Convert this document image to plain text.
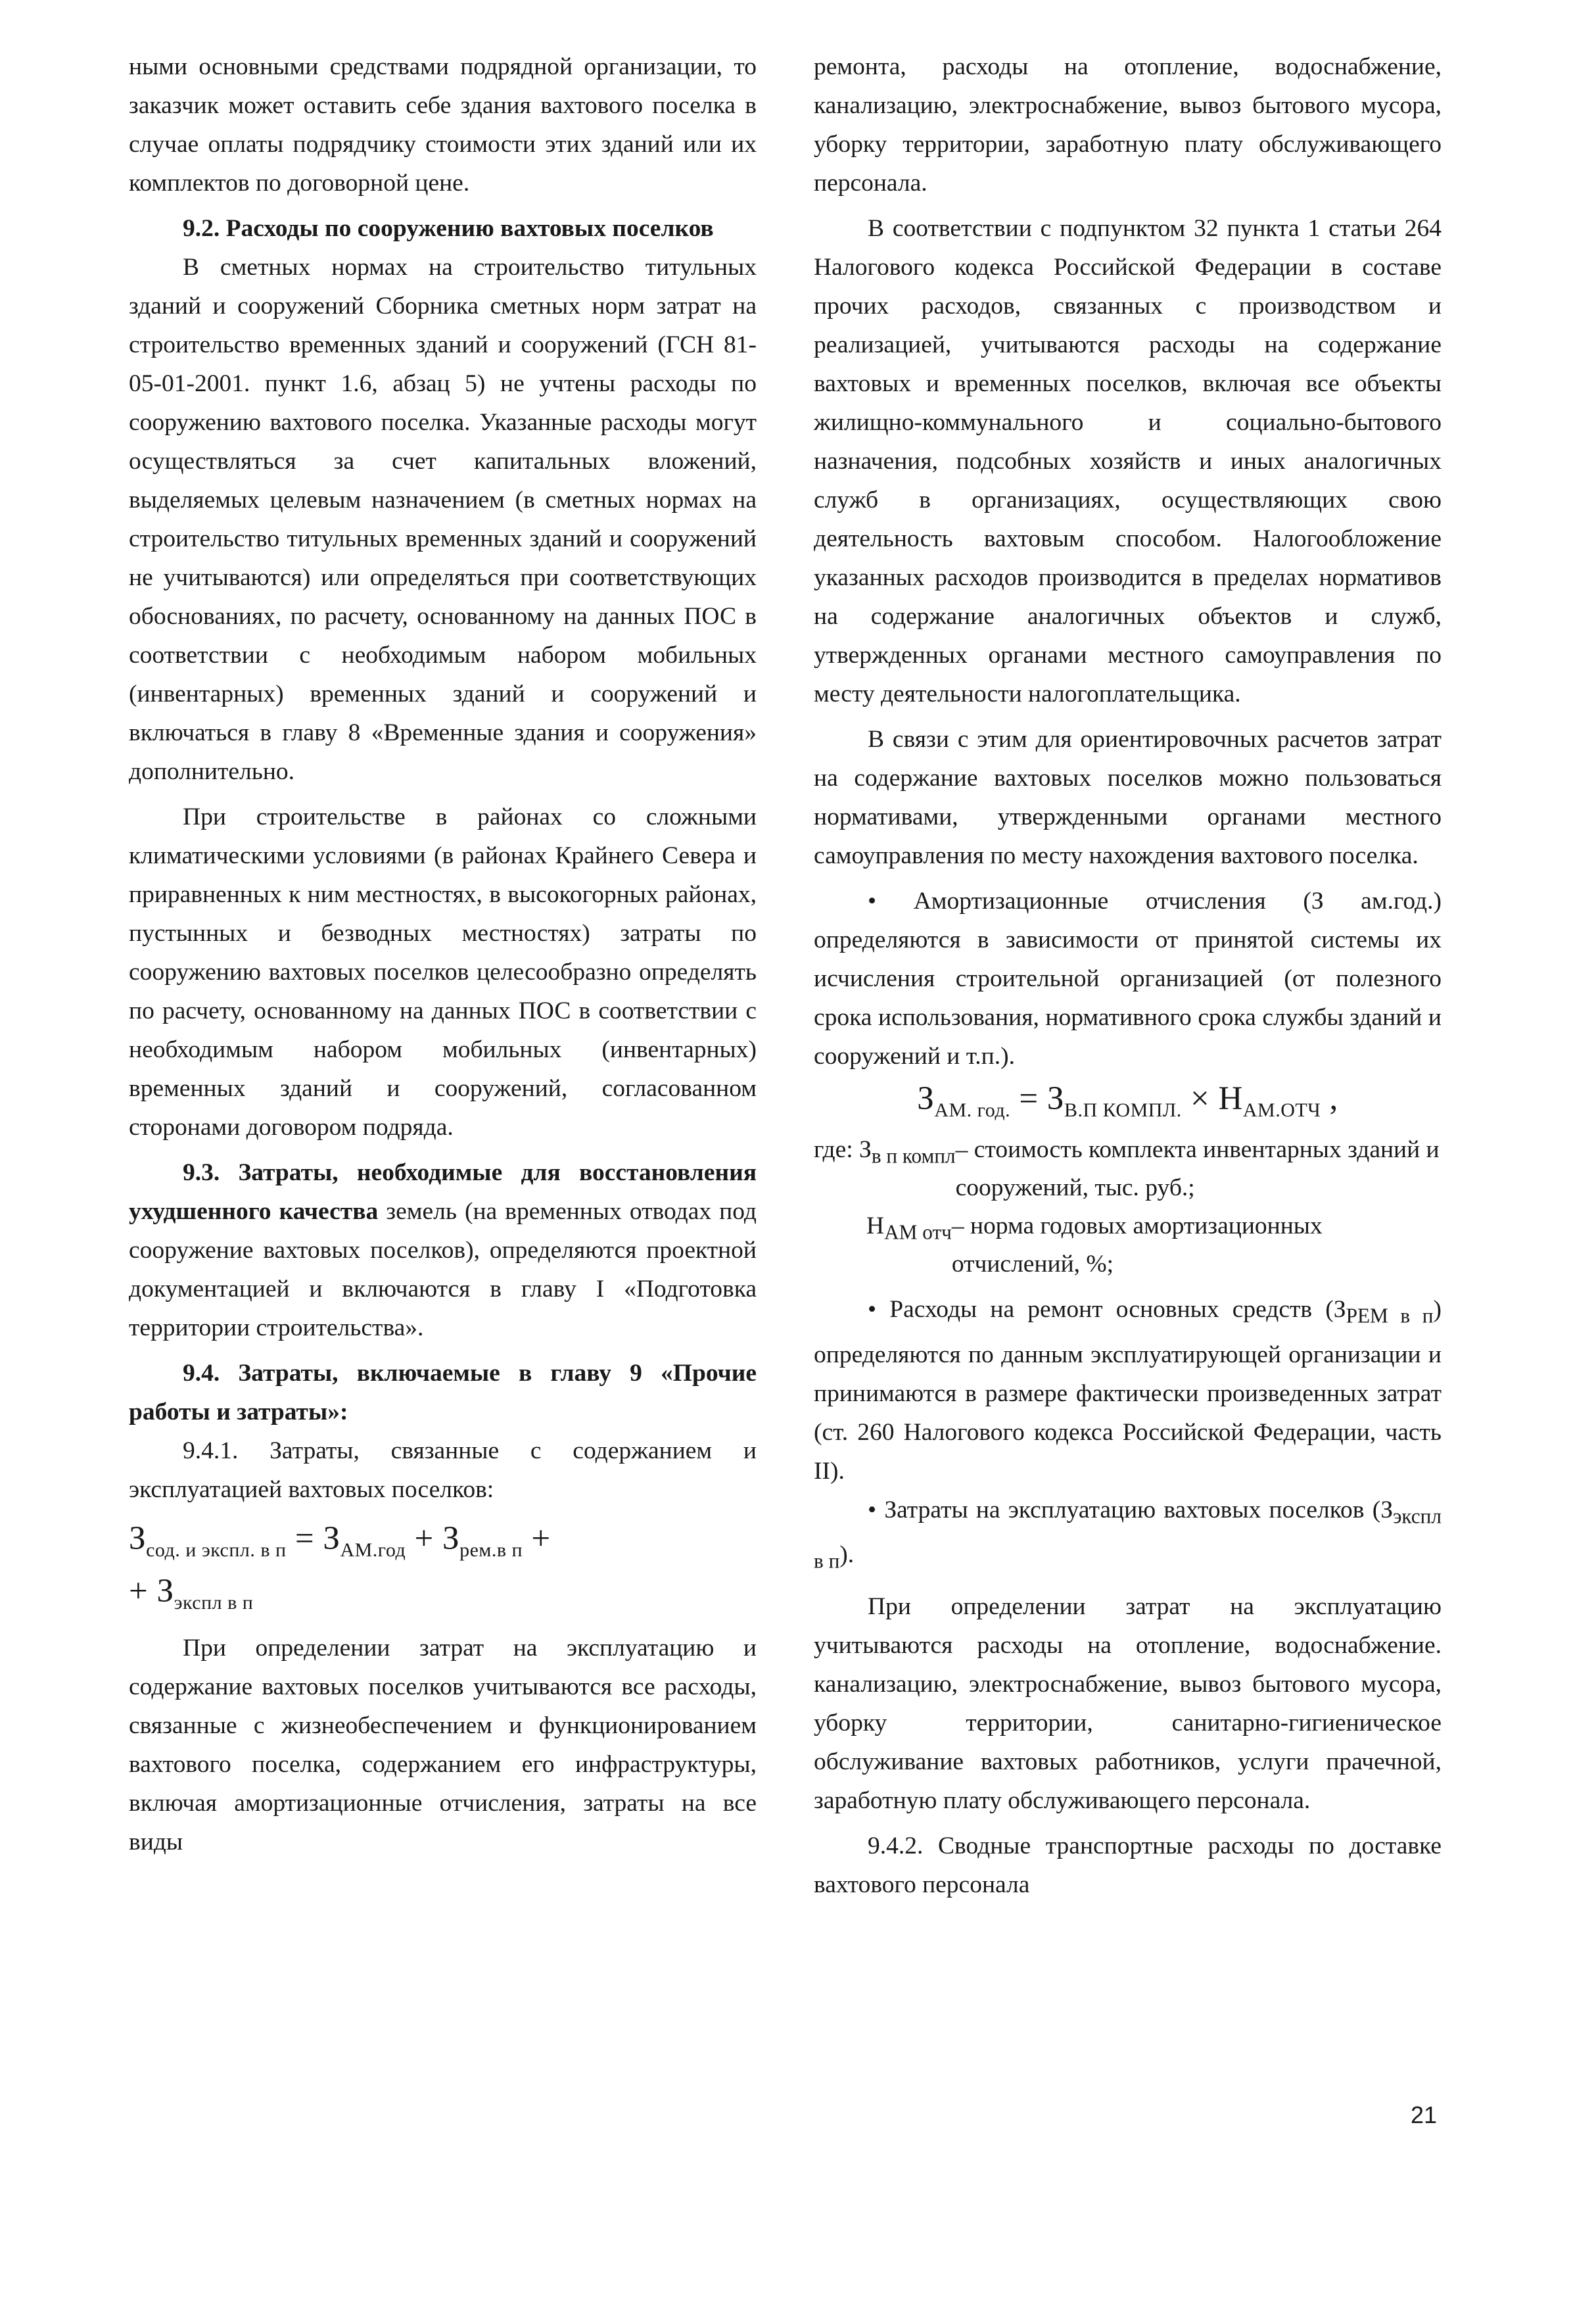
ными основными средствами подрядной организации, то заказчик может оставить себе здания вахтового поселка в случае оплаты подрядчику стоимости этих зданий или их комплектов по договорной цене.

9.2. Расходы по сооружению вахтовых поселков

В сметных нормах на строительство титульных зданий и сооружений Сборника сметных норм затрат на строительство временных зданий и сооружений (ГСН 81-05-01-2001. пункт 1.6, абзац 5) не учтены расходы по сооружению вахтового поселка. Указанные расходы могут осуществляться за счет капитальных вложений, выделяемых целевым назначением (в сметных нормах на строительство титульных временных зданий и сооружений не учитываются) или определяться при соответствующих обоснованиях, по расчету, основанному на данных ПОС в соответствии с необходимым набором мобильных (инвентарных) временных зданий и сооружений и включаться в главу 8 «Временные здания и сооружения» дополнительно.

При строительстве в районах со сложными климатическими условиями (в районах Крайнего Севера и приравненных к ним местностях, в высокогорных районах, пустынных и безводных местностях) затраты по сооружению вахтовых поселков целесообразно определять по расчету, основанному на данных ПОС в соответствии с необходимым набором мобильных (инвентарных) временных зданий и сооружений, согласованном сторонами договором подряда.

9.3. Затраты, необходимые для восстановления ухудшенного качества земель (на временных отводах под сооружение вахтовых поселков), определяются проектной документацией и включаются в главу I «Подготовка территории строительства».

9.4. Затраты, включаемые в главу 9 «Прочие работы и затраты»:

9.4.1. Затраты, связанные с содержанием и эксплуатацией вахтовых поселков:

$З_{сод. и экспл. в п} = З_{АМ.год} + З_{рем.в п}$ +
+ $З_{экспл в п}$

При определении затрат на эксплуатацию и содержание вахтовых поселков учитываются все расходы, связанные с жизнеобеспечением и функционированием вахтового поселка, содержанием его инфраструктуры, включая амортизационные отчисления, затраты на все виды

ремонта, расходы на отопление, водоснабжение, канализацию, электроснабжение, вывоз бытового мусора, уборку территории, заработную плату обслуживающего персонала.

В соответствии с подпунктом 32 пункта 1 статьи 264 Налогового кодекса Российской Федерации в составе прочих расходов, связанных с производством и реализацией, учитываются расходы на содержание вахтовых и временных поселков, включая все объекты жилищно-коммунального и социально-бытового назначения, подсобных хозяйств и иных аналогичных служб в организациях, осуществляющих свою деятельность вахтовым способом. Налогообложение указанных расходов производится в пределах нормативов на содержание аналогичных объектов и служб, утвержденных органами местного самоуправления по месту деятельности налогоплательщика.

В связи с этим для ориентировочных расчетов затрат на содержание вахтовых поселков можно пользоваться нормативами, утвержденными органами местного самоуправления по месту нахождения вахтового поселка.

• Амортизационные отчисления (З ам.год.) определяются в зависимости от принятой системы их исчисления строительной организацией (от полезного срока использования, нормативного срока службы зданий и сооружений и т.п.).

$З_{АМ. год.} = З_{В.П КОМПЛ.} \times Н_{АМ.ОТЧ}$ ,
где: $З_{в п компл}$ – стоимость комплекта инвентарных зданий и сооружений, тыс. руб.;
$Н_{АМ отч}$ – норма годовых амортизационных отчислений, %;

• Расходы на ремонт основных средств $(З_{РЕМ в п})$ определяются по данным эксплуатирующей организации и принимаются в размере фактически произведенных затрат (ст. 260 Налогового кодекса Российской Федерации, часть II).

• Затраты на эксплуатацию вахтовых поселков $(З_{экспл в п})$.

При определении затрат на эксплуатацию учитываются расходы на отопление, водоснабжение. канализацию, электроснабжение, вывоз бытового мусора, уборку территории, санитарно-гигиеническое обслуживание вахтовых работников, услуги прачечной, заработную плату обслуживающего персонала.

9.4.2. Сводные транспортные расходы по доставке вахтового персонала

21
